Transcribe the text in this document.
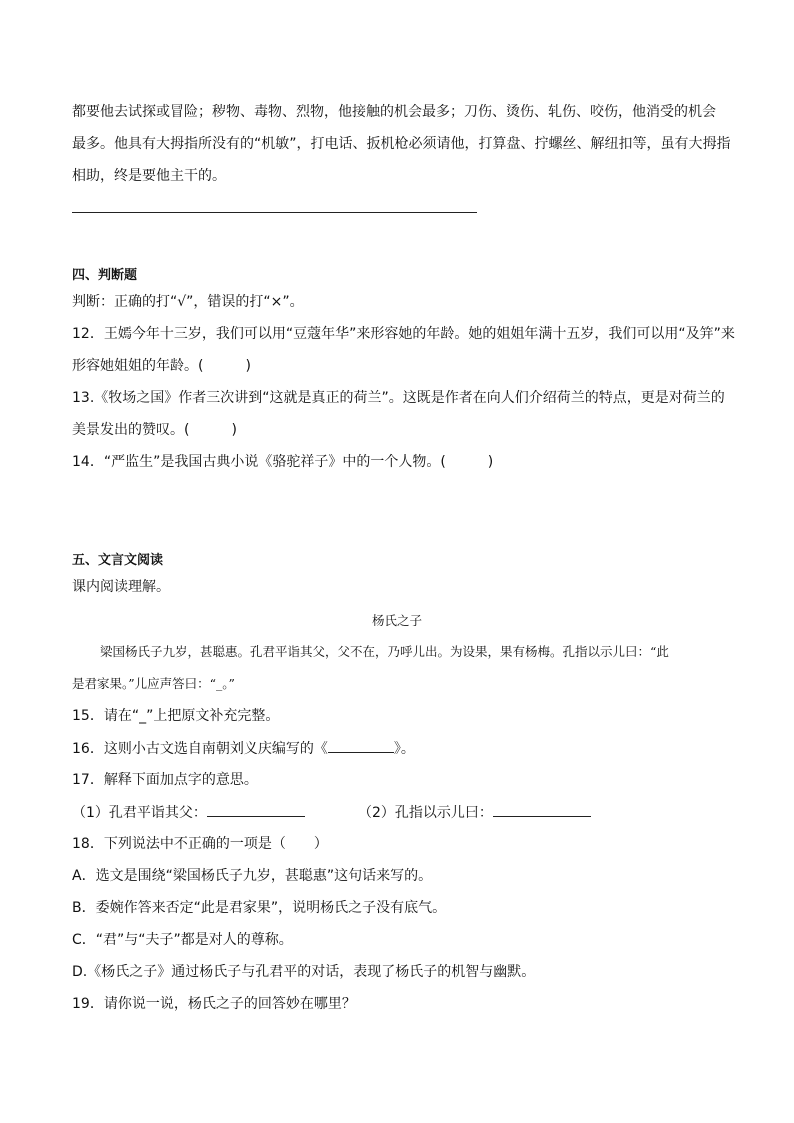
都要他去试探或冒险；秽物、毒物、烈物，他接触的机会最多；刀伤、烫伤、轧伤、咬伤，他消受的机会
最多。他具有大拇指所没有的“机敏”，打电话、扳机枪必须请他，打算盘、拧螺丝、解纽扣等，虽有大拇指
相助，终是要他主干的。
四、判断题
判断：正确的打“√”，错误的打“×”。
12．王嫣今年十三岁，我们可以用“豆蔻年华”来形容她的年龄。她的姐姐年满十五岁，我们可以用“及笄”来
形容她姐姐的年龄。(　　　)
13.《牧场之国》作者三次讲到“这就是真正的荷兰”。这既是作者在向人们介绍荷兰的特点，更是对荷兰的
美景发出的赞叹。(　　　)
14．“严监生”是我国古典小说《骆驼祥子》中的一个人物。(　　　)
五、文言文阅读
课内阅读理解。
杨氏之子
梁国杨氏子九岁，甚聪惠。孔君平诣其父，父不在，乃呼儿出。为设果，果有杨梅。孔指以示儿曰：“此
是君家果。”儿应声答曰：“_。”
15．请在“_”上把原文补充完整。
16．这则小古文选自南朝刘义庆编写的《	》。
17．解释下面加点字的意思。
（1）孔君平诣其父：	（2）孔指以示儿曰：
18．下列说法中不正确的一项是（　　）
A．选文是围绕“梁国杨氏子九岁，甚聪惠”这句话来写的。
B．委婉作答来否定“此是君家果”，说明杨氏之子没有底气。
C．“君”与“夫子”都是对人的尊称。
D.《杨氏之子》通过杨氏子与孔君平的对话，表现了杨氏子的机智与幽默。
19．请你说一说，杨氏之子的回答妙在哪里？
